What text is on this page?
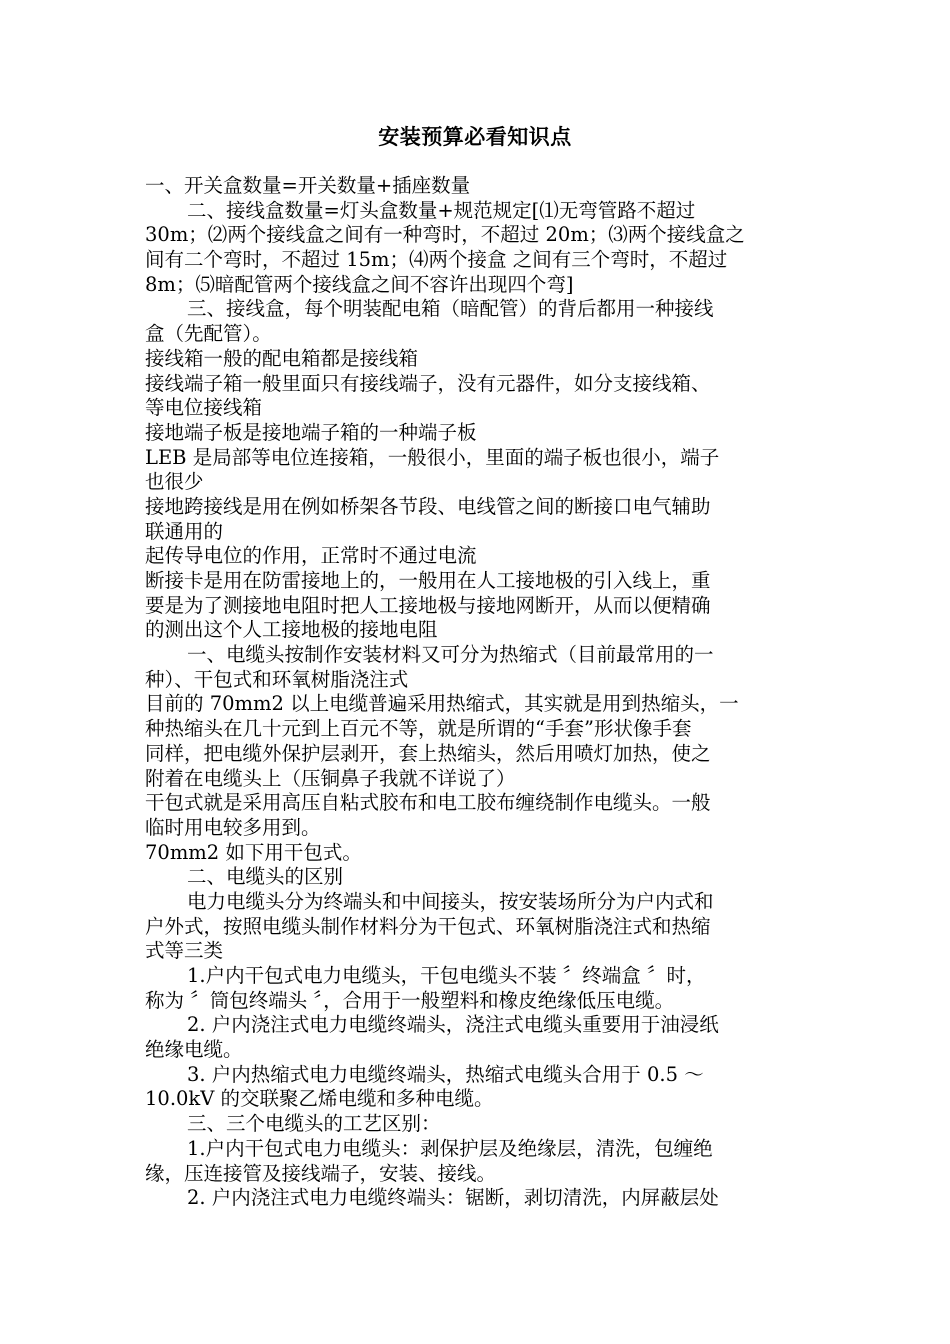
安装预算必看知识点
一、开关盒数量=开关数量+插座数量
二、接线盒数量=灯头盒数量+规范规定[⑴无弯管路不超过
30m；⑵两个接线盒之间有一种弯时，不超过 20m；⑶两个接线盒之
间有二个弯时，不超过 15m；⑷两个接盒 之间有三个弯时，不超过
8m；⑸暗配管两个接线盒之间不容许出现四个弯]
三、接线盒，每个明装配电箱（暗配管）的背后都用一种接线
盒（先配管）。
接线箱一般的配电箱都是接线箱
接线端子箱一般里面只有接线端子，没有元器件，如分支接线箱、
等电位接线箱
接地端子板是接地端子箱的一种端子板
LEB 是局部等电位连接箱，一般很小，里面的端子板也很小，端子
也很少
接地跨接线是用在例如桥架各节段、电线管之间的断接口电气辅助
联通用的
起传导电位的作用，正常时不通过电流
断接卡是用在防雷接地上的，一般用在人工接地极的引入线上，重
要是为了测接地电阻时把人工接地极与接地网断开，从而以便精确
的测出这个人工接地极的接地电阻
一、电缆头按制作安装材料又可分为热缩式（目前最常用的一
种）、干包式和环氧树脂浇注式
目前的 70mm2 以上电缆普遍采用热缩式，其实就是用到热缩头，一
种热缩头在几十元到上百元不等，就是所谓的“手套”形状像手套
同样，把电缆外保护层剥开，套上热缩头，然后用喷灯加热，使之
附着在电缆头上（压铜鼻子我就不详说了）
干包式就是采用高压自粘式胶布和电工胶布缠绕制作电缆头。一般
临时用电较多用到。
70mm2 如下用干包式。
二、电缆头的区别
电力电缆头分为终端头和中间接头，按安装场所分为户内式和
户外式，按照电缆头制作材料分为干包式、环氧树脂浇注式和热缩
式等三类
1.户内干包式电力电缆头，干包电缆头不装 〞终端盒 〞时，
称为 〞筒包终端头 〞，合用于一般塑料和橡皮绝缘低压电缆。
2. 户内浇注式电力电缆终端头，浇注式电缆头重要用于油浸纸
绝缘电缆。
3. 户内热缩式电力电缆终端头，热缩式电缆头合用于 0.5 ～
10.0kV 的交联聚乙烯电缆和多种电缆。
三、三个电缆头的工艺区别：
1.户内干包式电力电缆头：剥保护层及绝缘层，清洗，包缠绝
缘，压连接管及接线端子，安装、接线。
2. 户内浇注式电力电缆终端头：锯断，剥切清洗，内屏蔽层处
